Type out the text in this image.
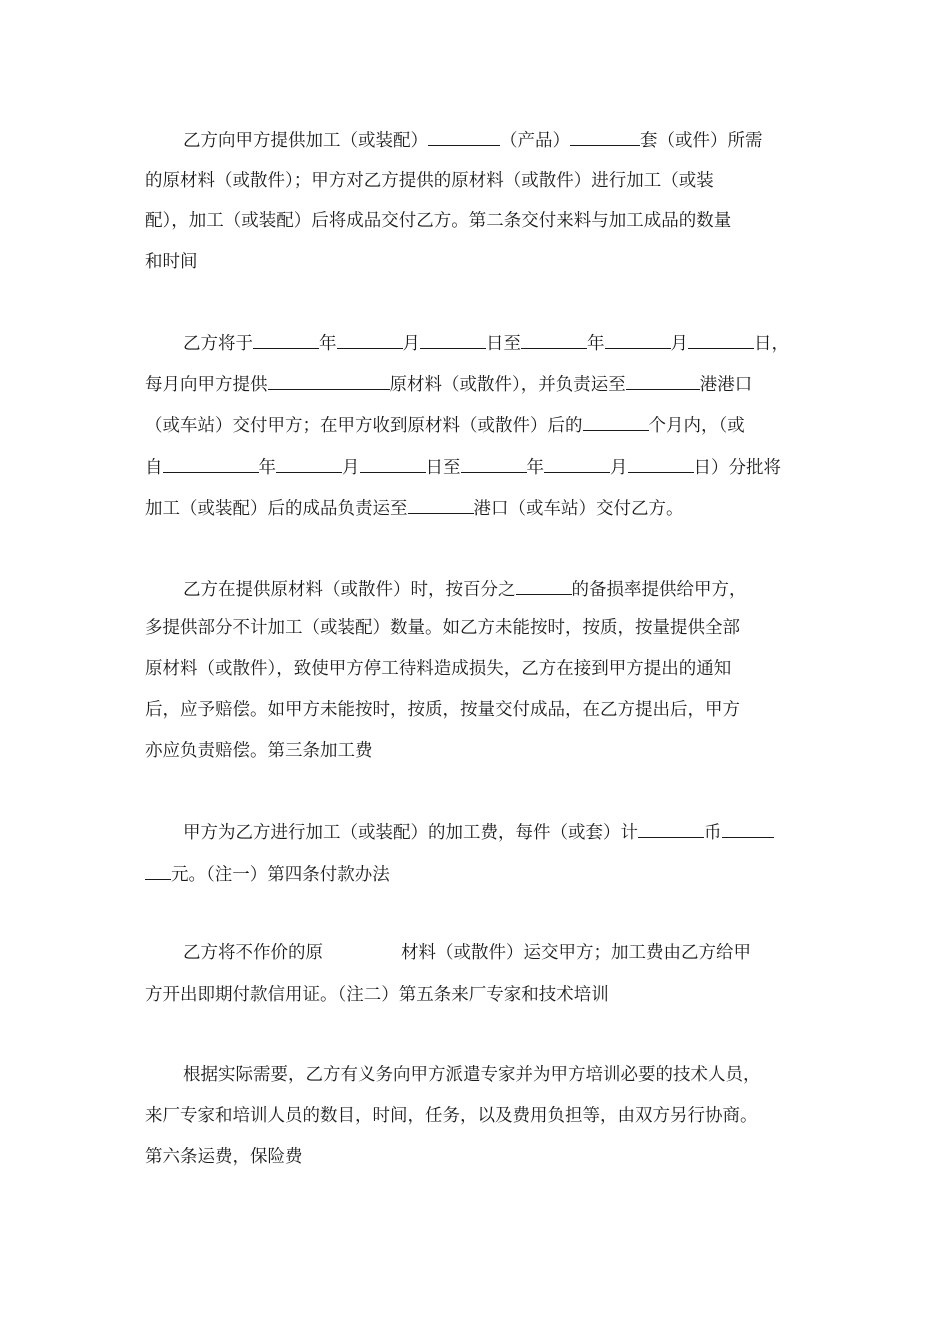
乙方向甲方提供加工（或装配）	（产品）	套（或件）所需
的原材料（或散件）；甲方对乙方提供的原材料（或散件）进行加工（或装
配），加工（或装配）后将成品交付乙方。第二条交付来料与加工成品的数量
和时间
乙方将于	年	月	日至	年	月	日，
每月向甲方提供	原材料（或散件），并负责运至	港港口
（或车站）交付甲方；在甲方收到原材料（或散件）后的	个月内，（或
自	年	月	日至	年	月	日）分批将
加工（或装配）后的成品负责运至	港口（或车站）交付乙方。
乙方在提供原材料（或散件）时，按百分之	的备损率提供给甲方，
多提供部分不计加工（或装配）数量。如乙方未能按时，按质，按量提供全部
原材料（或散件），致使甲方停工待料造成损失，乙方在接到甲方提出的通知
后，应予赔偿。如甲方未能按时，按质，按量交付成品，在乙方提出后，甲方
亦应负责赔偿。第三条加工费
甲方为乙方进行加工（或装配）的加工费，每件（或套）计	币
元。（注一）第四条付款办法
乙方将不作价的原	材料（或散件）运交甲方；加工费由乙方给甲
方开出即期付款信用证。（注二）第五条来厂专家和技术培训
根据实际需要，乙方有义务向甲方派遣专家并为甲方培训必要的技术人员，
来厂专家和培训人员的数目，时间，任务，以及费用负担等，由双方另行协商。
第六条运费，保险费
